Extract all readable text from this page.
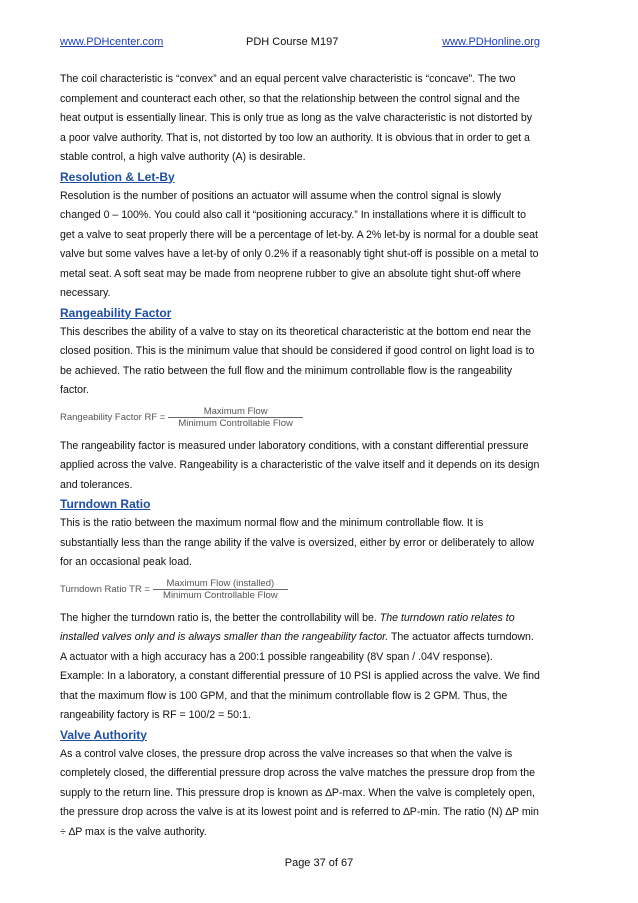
www.PDHcenter.com	PDH Course M197	www.PDHonline.org

The coil characteristic is “convex” and an equal percent valve characteristic is “concave”. The two complement and counteract each other, so that the relationship between the control signal and the heat output is essentially linear. This is only true as long as the valve characteristic is not distorted by a poor valve authority. That is, not distorted by too low an authority. It is obvious that in order to get a stable control, a high valve authority (A) is desirable.

Resolution & Let-By

Resolution is the number of positions an actuator will assume when the control signal is slowly changed 0 – 100%. You could also call it “positioning accuracy.” In installations where it is difficult to get a valve to seat properly there will be a percentage of let-by. A 2% let-by is normal for a double seat valve but some valves have a let-by of only 0.2% if a reasonably tight shut-off is possible on a metal to metal seat. A soft seat may be made from neoprene rubber to give an absolute tight shut-off where necessary.

Rangeability Factor

This describes the ability of a valve to stay on its theoretical characteristic at the bottom end near the closed position. This is the minimum value that should be considered if good control on light load is to be achieved. The ratio between the full flow and the minimum controllable flow is the rangeability factor.

Rangeability Factor RF = $\frac{\text{Maximum Flow}}{\text{Minimum Controllable Flow}}$

The rangeability factor is measured under laboratory conditions, with a constant differential pressure applied across the valve. Rangeability is a characteristic of the valve itself and it depends on its design and tolerances.

Turndown Ratio

This is the ratio between the maximum normal flow and the minimum controllable flow. It is substantially less than the range ability if the valve is oversized, either by error or deliberately to allow for an occasional peak load.

Turndown Ratio TR = $\frac{\text{Maximum Flow (installed)}}{\text{Minimum Controllable Flow}}$

The higher the turndown ratio is, the better the controllability will be. The turndown ratio relates to installed valves only and is always smaller than the rangeability factor. The actuator affects turndown. A actuator with a high accuracy has a 200:1 possible rangeability (8V span / .04V response).

Example: In a laboratory, a constant differential pressure of 10 PSI is applied across the valve. We find that the maximum flow is 100 GPM, and that the minimum controllable flow is 2 GPM. Thus, the rangeability factory is RF = 100/2 = 50:1.

Valve Authority

As a control valve closes, the pressure drop across the valve increases so that when the valve is completely closed, the differential pressure drop across the valve matches the pressure drop from the supply to the return line. This pressure drop is known as ∆P-max. When the valve is completely open, the pressure drop across the valve is at its lowest point and is referred to ∆P-min. The ratio (N) ∆P min ÷ ∆P max is the valve authority.

Page 37 of 67
